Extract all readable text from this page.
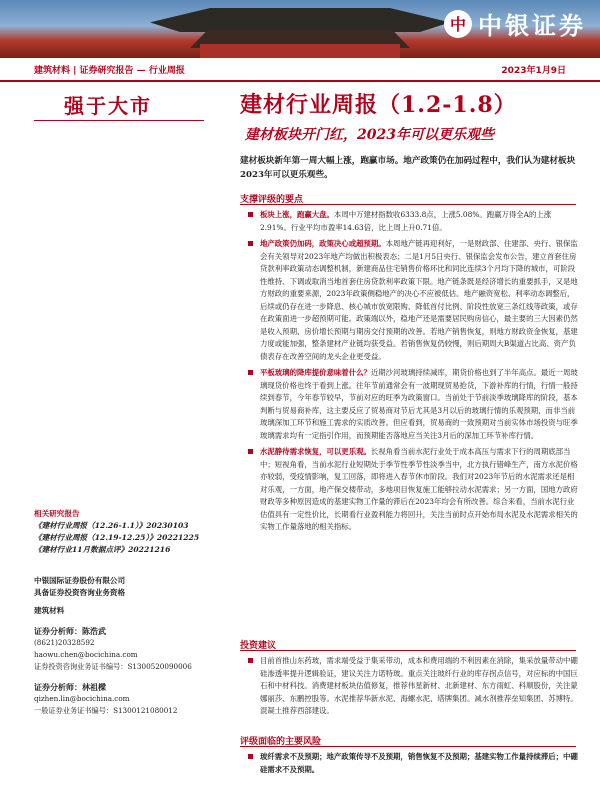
中 中银证券
建筑材料 | 证券研究报告 — 行业周报	2023年1月9日
强于大市	建材行业周报（1.2-1.8）
建材板块开门红，2023年可以更乐观些
建材板块新年第一周大幅上涨，跑赢市场。地产政策仍在加码过程中，我们认为建材板块2023年可以更乐观些。
支撑评级的要点
板块上涨，跑赢大盘。本周中万建材指数收6333.8点，上涨5.08%。跑赢万得全A的上涨2.91%。行业平均市盈率14.63倍，比上周上升0.71倍。
地产政策仍加码，政策决心或超预期。本周地产链再迎利好，一是财政部、住建部、央行、银保监会有关领导对2023年地产均做出积极表态；二是1月5日央行、银保监会发布公告，建立首套住房贷款利率政策动态调整机制，新建商品住宅销售价格环比和同比连续3个月均下降的城市，可阶段性维持、下调或取消当地首套住房贷款利率政策下限。地产链条既是经济增长的重要抓手，又是地方财政的重要来源，2023年政策侧稳地产的决心不应被低估。地产融资宽松、利率动态调整后，后续或仍存在进一步降息、核心城市放宽限购、降低首付比例、阶段性放宽三条红线等政策，或存在政策面进一步超预期可能。政策端以外，稳地产还是需要居民购房信心，最主要的三大因素仍然是收入预期、房价增长预期与期房交付预期的改善。若地产销售恢复，则地方财政资金恢复，基建力度或能加强，整条建材产业链均获受益。若销售恢复仍较慢，则后期周大B渠道占比高、资产负债表存在改善空间的龙头企业更受益。
平板玻璃的降库提价意味着什么？近期沙河玻璃持续减库，期货价格也到了半年高点。最近一周玻璃现货价格也终于看到上涨。往年节前通常会有一波期现贸易抢货，下游补库的行情，行情一般持续到春节，今年春节较早，节前对应的旺季为政策窗口。当前处于节前淡季玻璃降库的阶段，基本判断与贸易商补库，这主要反应了贸易商对节后尤其是3月以后的玻璃行情的乐观预期，而非当前玻璃深加工环节和施工需求的实质改善。但应看到，贸易商的一致预期对当前实体市场投资与旺季玻璃需求均有一定指引作用，而预期能否落地应当关注3月后的深加工环节补库行情。
水泥静待需求恢复，可以更乐观。长视角看当前水泥行业处于成本高压与需求下行的周期底部当中；短视角看，当前水泥行业短期处于季节性季节性淡季当中，北方执行错峰生产，南方水泥价格亦较弱，受疫情影响，复工回落，即将进入春节休市阶段。我们对2023年节后的水泥需求还是相对乐观，一方面，地产保交楼带动，多地项目恢复施工能够拉动水泥需求；另一方面，国地方政府财政等多种原因造成的基建实物工作量的滞后在2023年均会有所改善。综合来看，当前水泥行业估值具有一定性价比，长期看行业盈利能力将回升，关注当前时点开始布局水泥及水泥需求相关的实物工作量落地的相关指标。
投资建议
目前首推山东药玻，需求端受益于集采带动，成本和费用端的不利因素在消除，集采放量带动中硼硅渗透率提升逻辑验证，建议关注力诺特玻。重点关注玻纤行业的库存拐点信号，对应标的中国巨石和中材科技。消费建材板块估值修复，推荐伟星新材、北新建材、东方雨虹、科顺股份，关注蒙娜丽莎、东鹏控股等。水泥推荐华新水泥、海螺水泥、塔牌集团。减水剂推荐垒知集团、苏博特。混凝土推荐西部建设。
评级面临的主要风险
玻纤需求不及预期；地产政策传导不及预期，销售恢复不及预期；基建实物工作量持续滞后；中硼硅需求不及预期。
相关研究报告
《建材行业周报（12.26-1.1）》20230103
《建材行业周报（12.19-12.25）》20221225
《建材行业11月数据点评》20221216
中银国际证券股份有限公司
具备证券投资咨询业务资格
建筑材料
证券分析师：陈浩武
(8621)20328592
haowu.chen@bocichina.com
证券投资咨询业务证书编号：S1300520090006
证券分析师：林祖樑
qizhen.lin@bocichina.com
一般证券业务证书编号：S1300121080012
